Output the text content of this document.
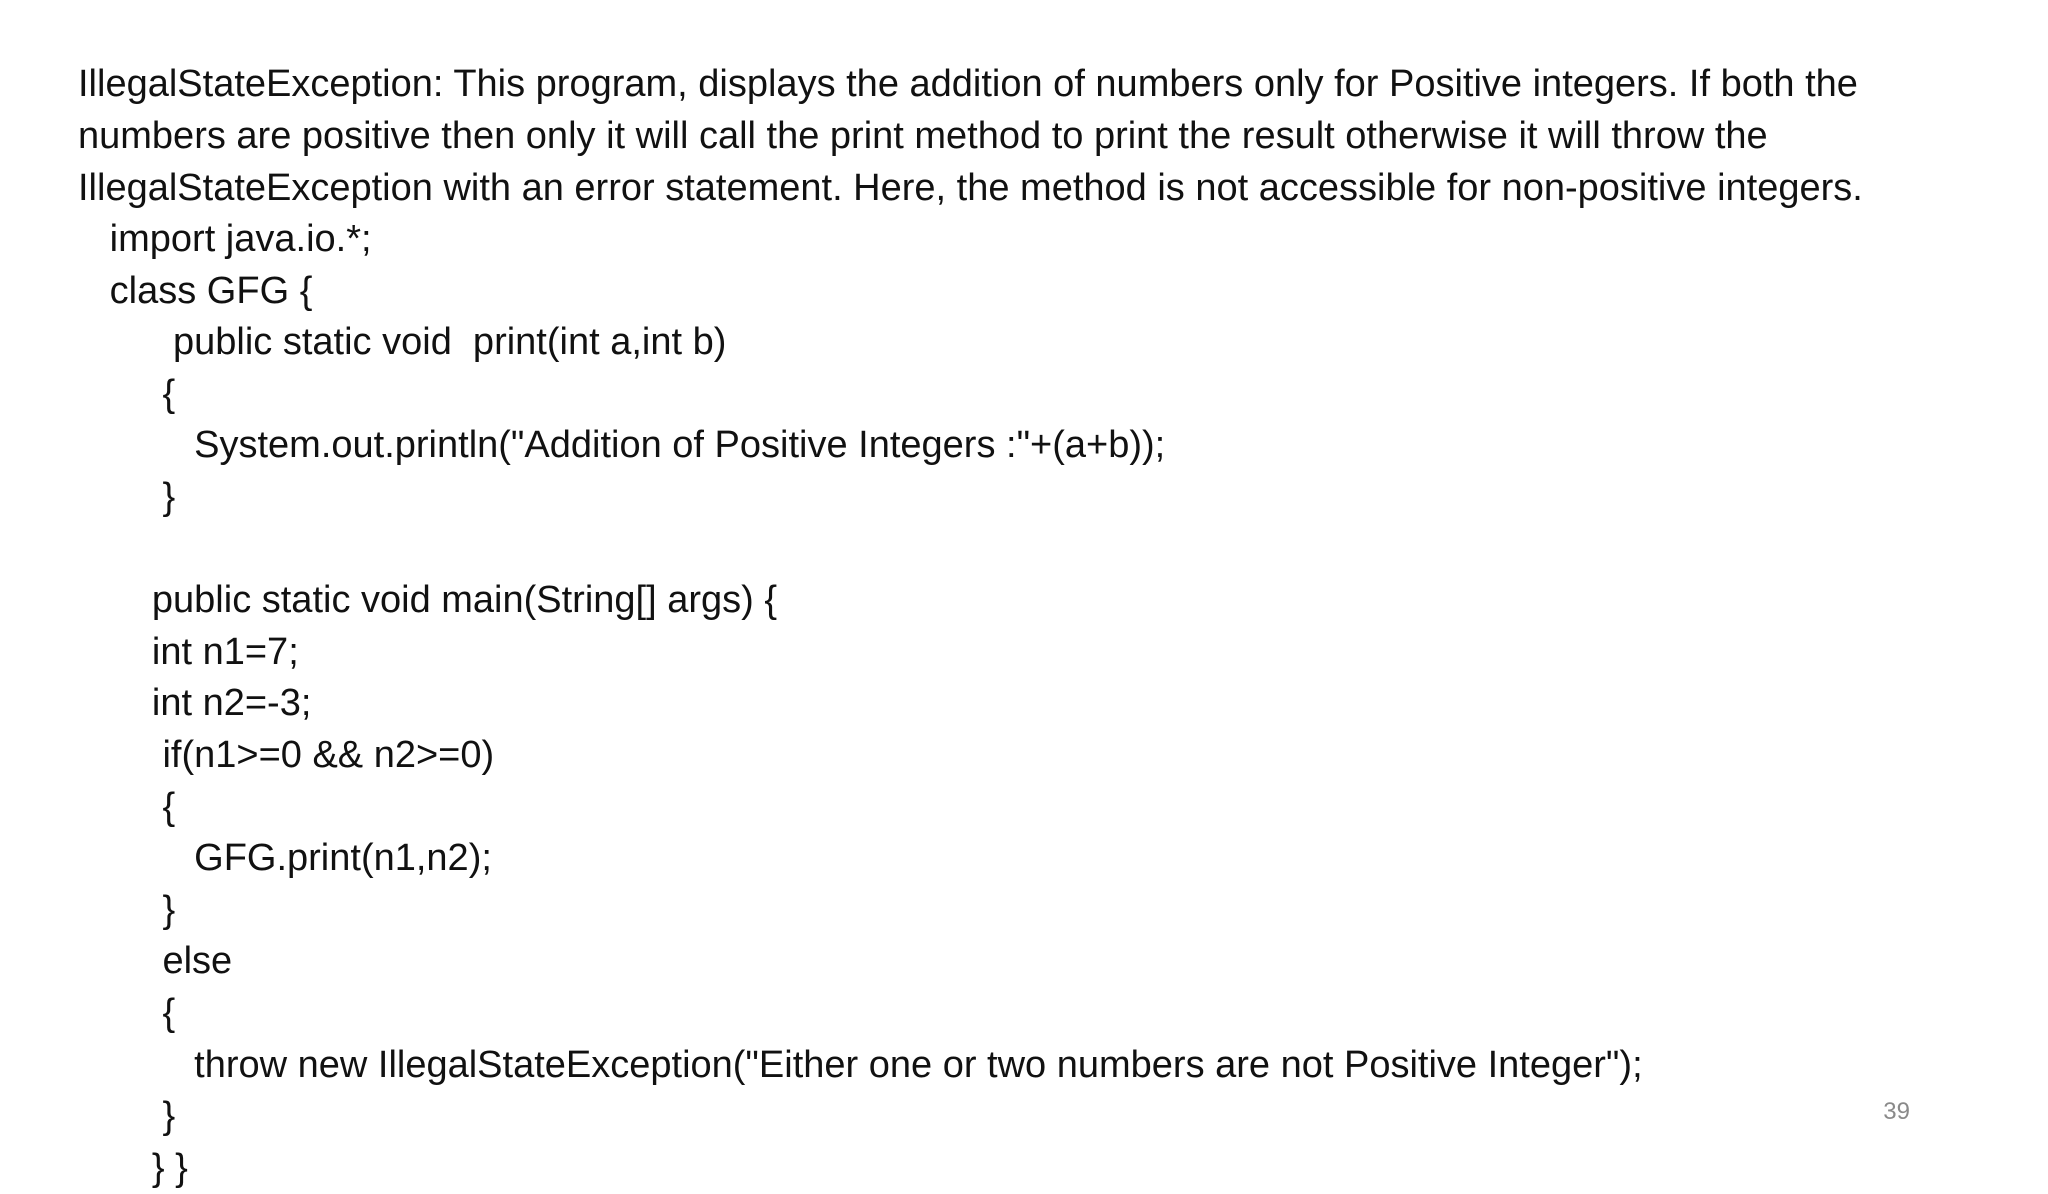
IllegalStateException: This program, displays the addition of numbers only for Positive integers. If both the
numbers are positive then only it will call the print method to print the result otherwise it will throw the
IllegalStateException with an error statement. Here, the method is not accessible for non-positive integers.
import java.io.*;
class GFG {
public static void  print(int a,int b)
{
System.out.println("Addition of Positive Integers :"+(a+b));
}
public static void main(String[] args) {
int n1=7;
int n2=-3;
if(n1>=0 && n2>=0)
{
GFG.print(n1,n2);
}
else
{
throw new IllegalStateException("Either one or two numbers are not Positive Integer");
}
} }
39
